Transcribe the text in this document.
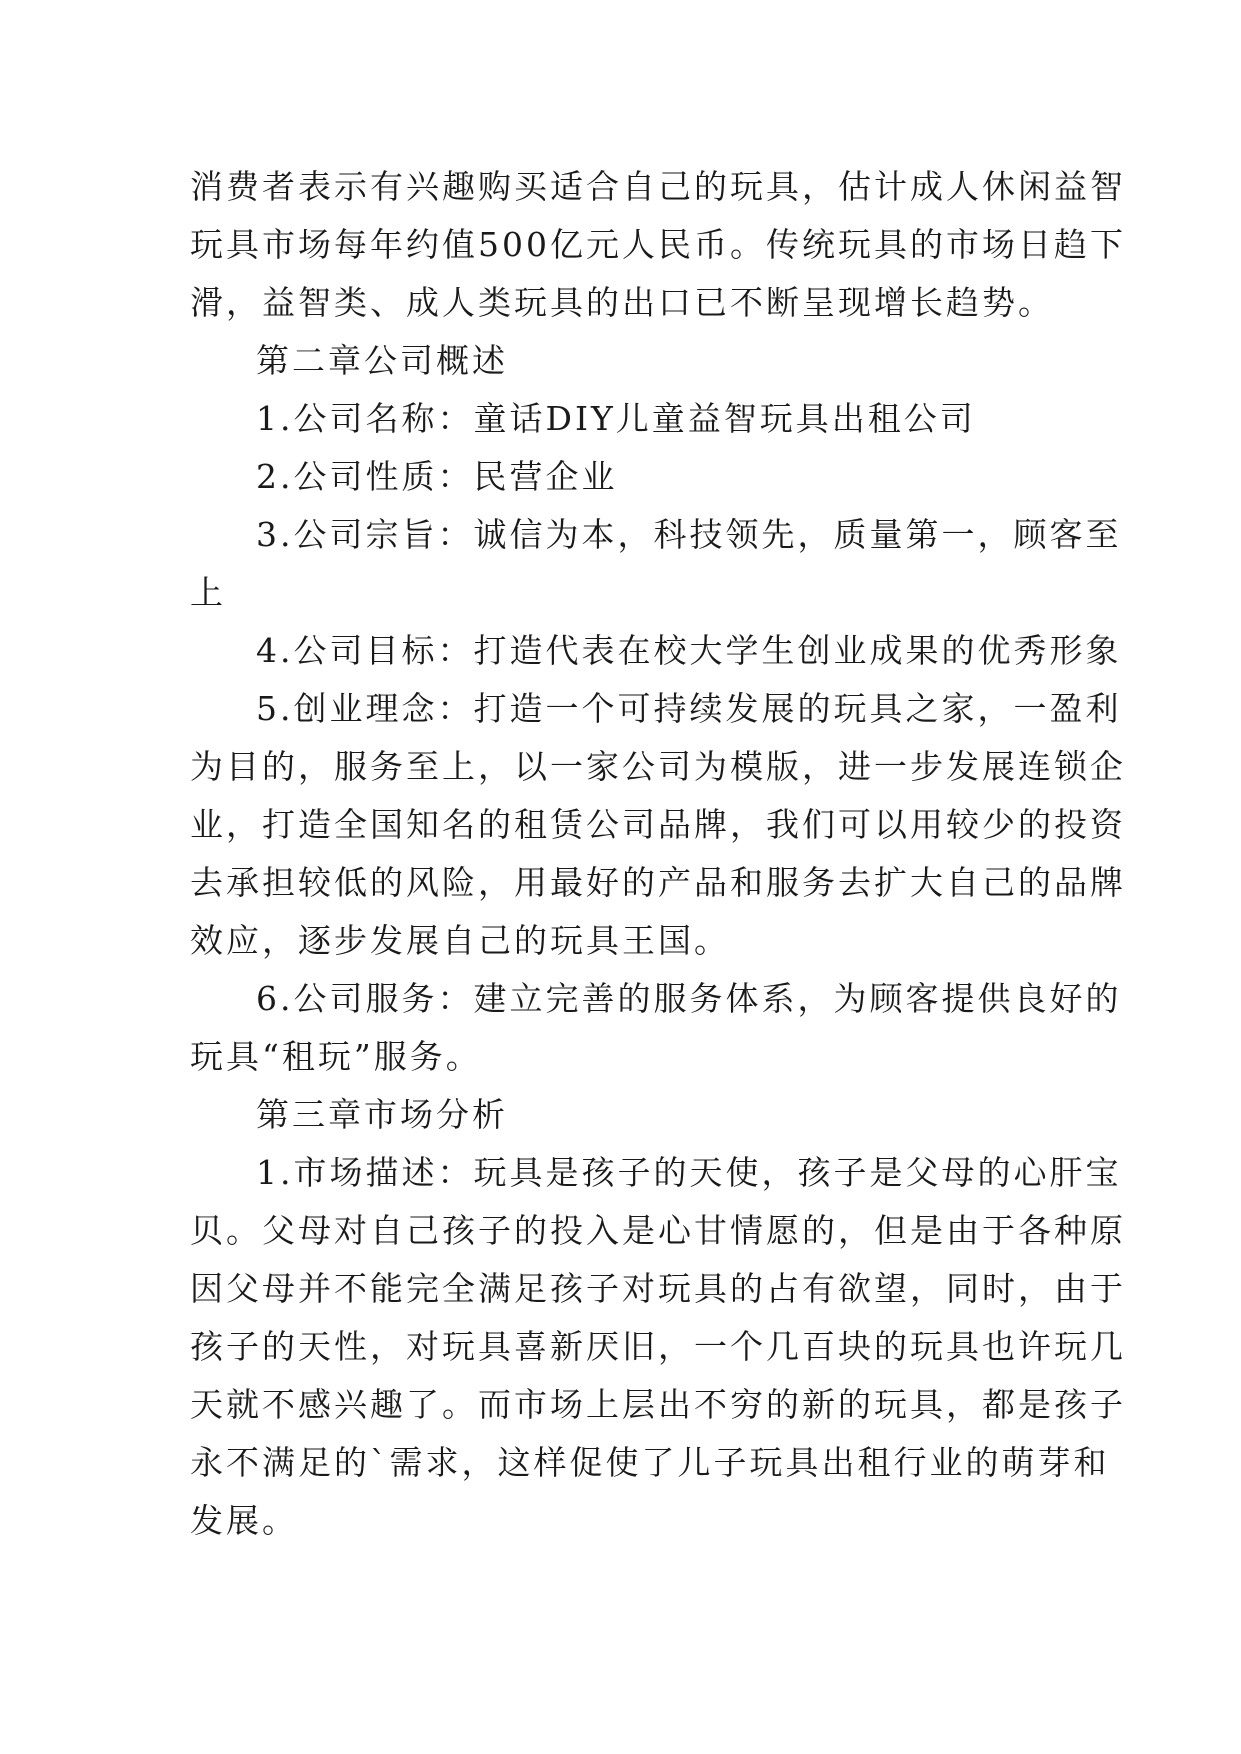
消费者表示有兴趣购买适合自己的玩具，估计成人休闲益智
玩具市场每年约值500亿元人民币。传统玩具的市场日趋下
滑，益智类、成人类玩具的出口已不断呈现增长趋势。
第二章公司概述
1.公司名称：童话DIY儿童益智玩具出租公司
2.公司性质：民营企业
3.公司宗旨：诚信为本，科技领先，质量第一，顾客至
上
4.公司目标：打造代表在校大学生创业成果的优秀形象
5.创业理念：打造一个可持续发展的玩具之家，一盈利
为目的，服务至上，以一家公司为模版，进一步发展连锁企
业，打造全国知名的租赁公司品牌，我们可以用较少的投资
去承担较低的风险，用最好的产品和服务去扩大自己的品牌
效应，逐步发展自己的玩具王国。
6.公司服务：建立完善的服务体系，为顾客提供良好的
玩具“租玩”服务。
第三章市场分析
1.市场描述：玩具是孩子的天使，孩子是父母的心肝宝
贝。父母对自己孩子的投入是心甘情愿的，但是由于各种原
因父母并不能完全满足孩子对玩具的占有欲望，同时，由于
孩子的天性，对玩具喜新厌旧，一个几百块的玩具也许玩几
天就不感兴趣了。而市场上层出不穷的新的玩具，都是孩子
永不满足的`需求，这样促使了儿子玩具出租行业的萌芽和
发展。
